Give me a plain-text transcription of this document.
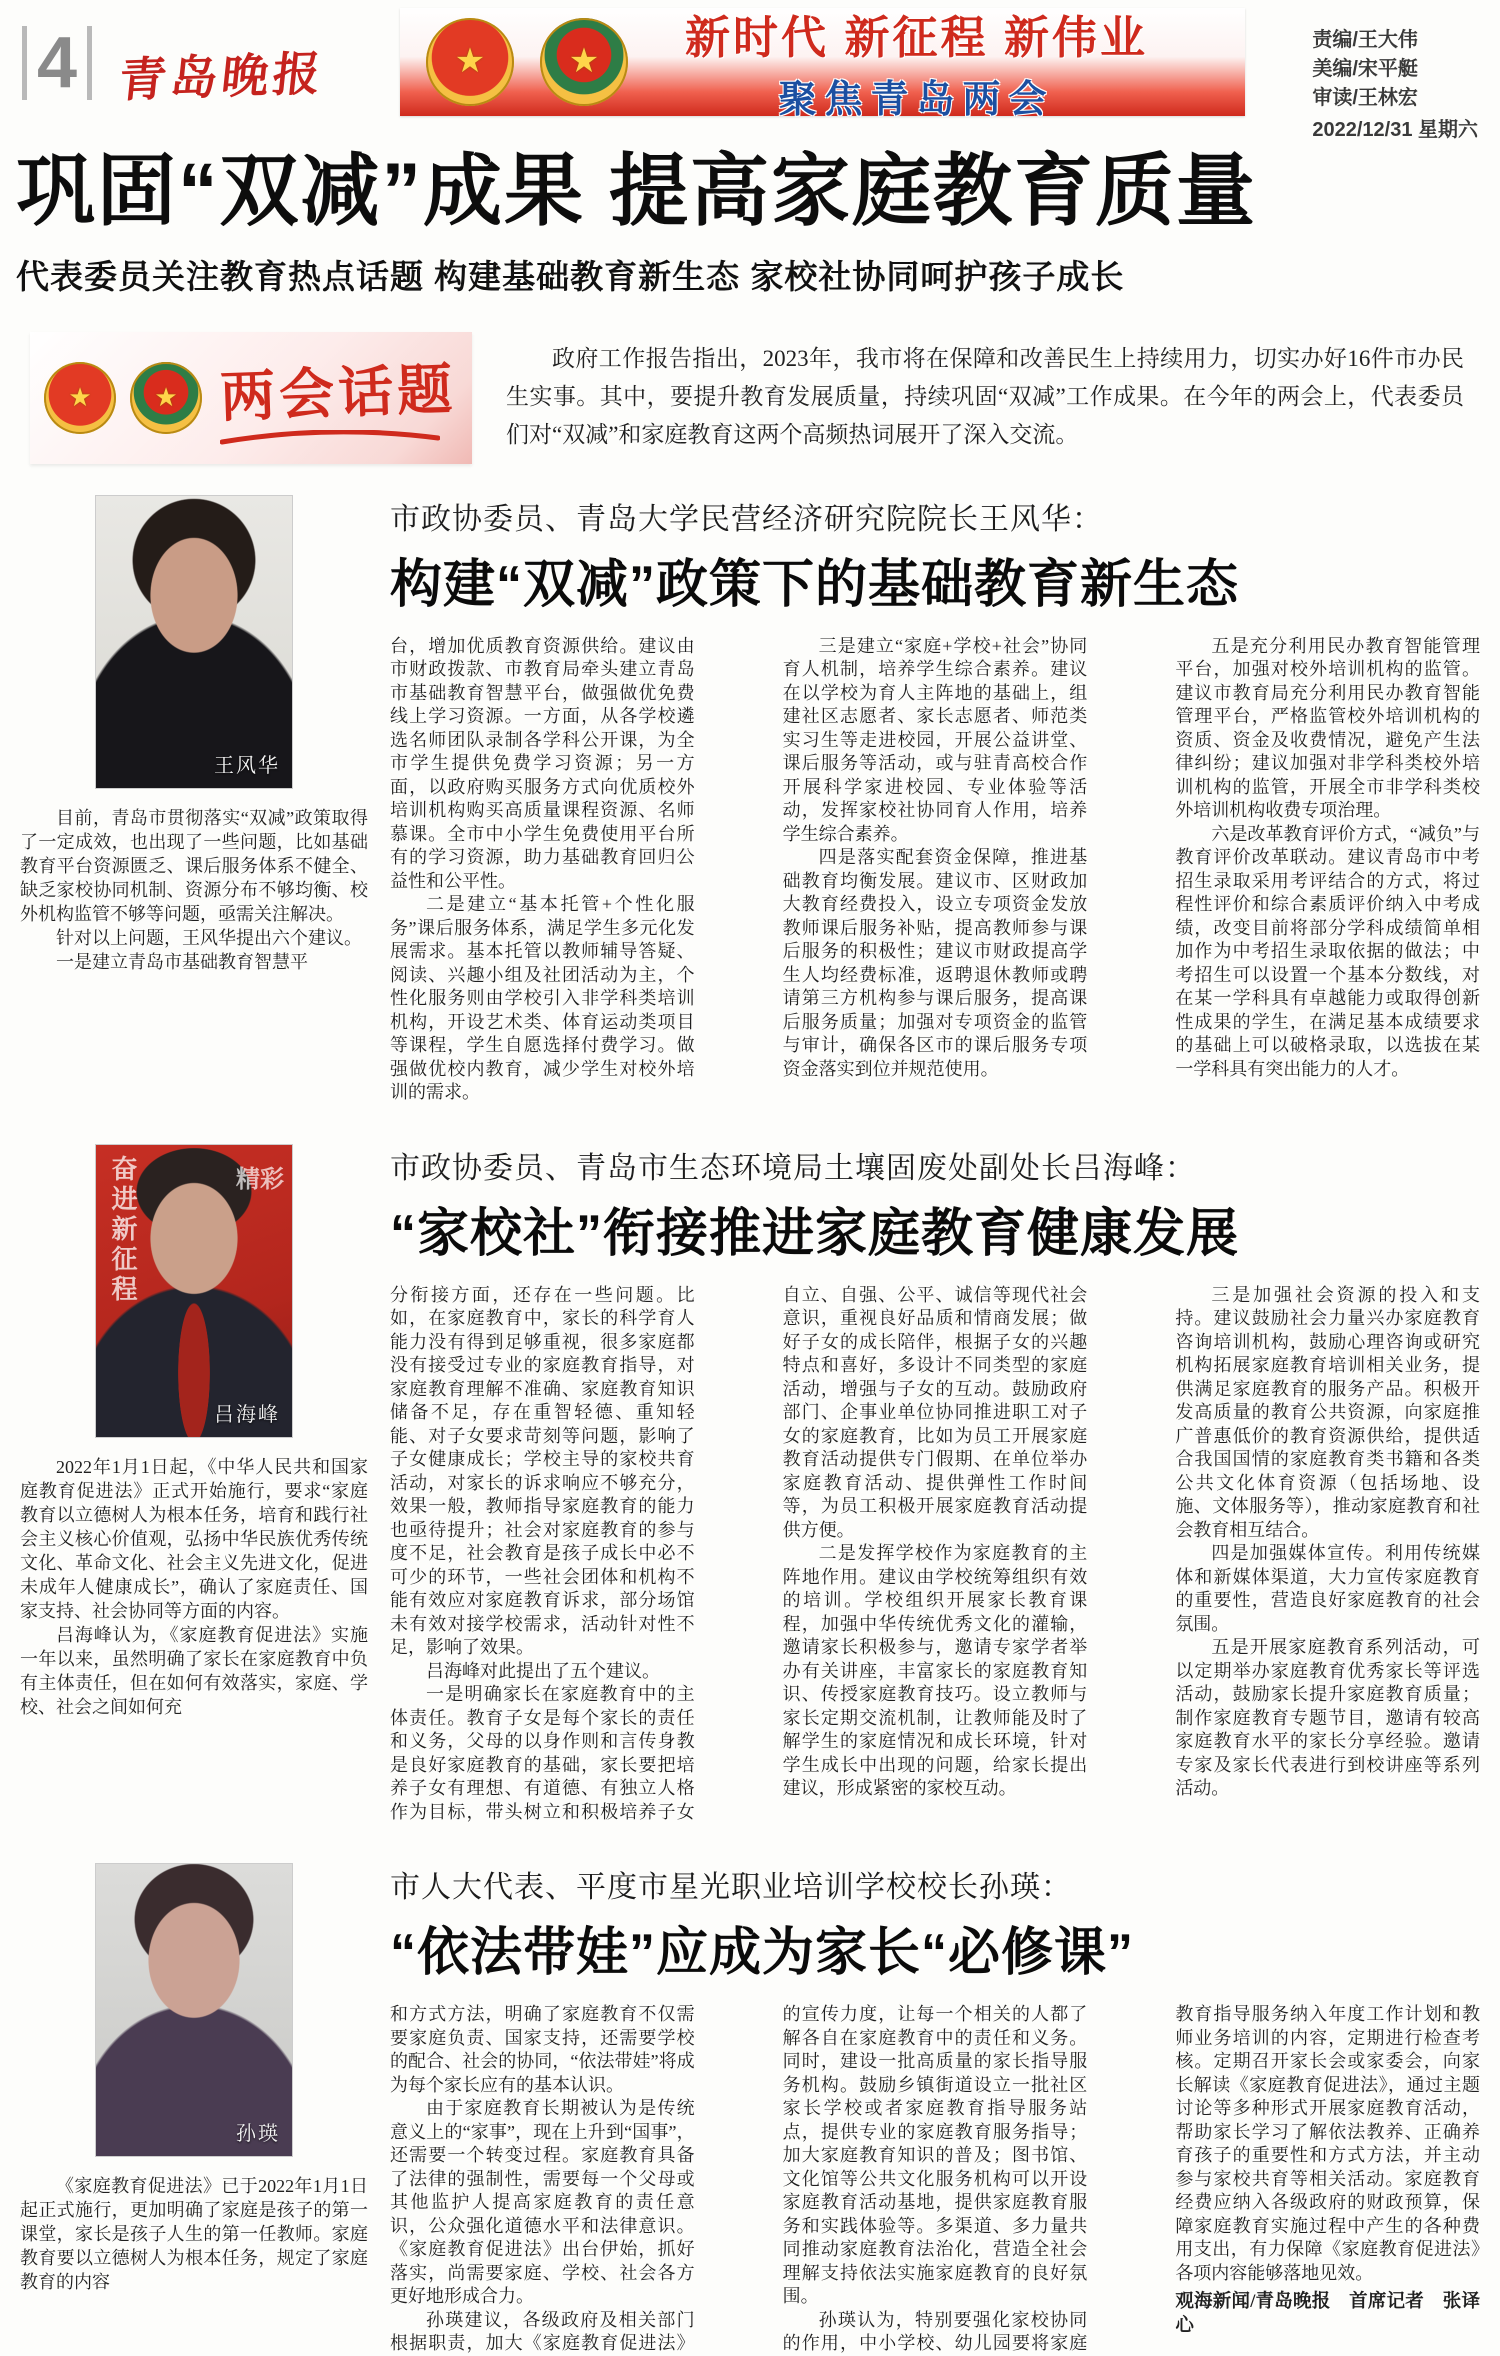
4 青岛晚报	★ ★	新时代 新征程 新伟业
聚焦青岛两会
责编/王大伟
美编/宋平艇
审读/王林宏
2022/12/31 星期六
巩固“双减”成果 提高家庭教育质量
代表委员关注教育热点话题 构建基础教育新生态 家校社协同呵护孩子成长
★ ★ 两会话题	政府工作报告指出，2023年，我市将在保障和改善民生上持续用力，切实办好16件市办民生实事。其中，要提升教育发展质量，持续巩固“双减”工作成果。在今年的两会上，代表委员们对“双减”和家庭教育这两个高频热词展开了深入交流。

王风华

目前，青岛市贯彻落实“双减”政策取得了一定成效，也出现了一些问题，比如基础教育平台资源匮乏、课后服务体系不健全、缺乏家校协同机制、资源分布不够均衡、校外机构监管不够等问题，亟需关注解决。

针对以上问题，王风华提出六个建议。

一是建立青岛市基础教育智慧平

市政协委员、青岛大学民营经济研究院院长王风华：
构建“双减”政策下的基础教育新生态

台，增加优质教育资源供给。建议由市财政拨款、市教育局牵头建立青岛市基础教育智慧平台，做强做优免费线上学习资源。一方面，从各学校遴选名师团队录制各学科公开课，为全市学生提供免费学习资源；另一方面，以政府购买服务方式向优质校外培训机构购买高质量课程资源、名师慕课。全市中小学生免费使用平台所有的学习资源，助力基础教育回归公益性和公平性。

二是建立“基本托管+个性化服务”课后服务体系，满足学生多元化发展需求。基本托管以教师辅导答疑、阅读、兴趣小组及社团活动为主，个性化服务则由学校引入非学科类培训机构，开设艺术类、体育运动类项目等课程，学生自愿选择付费学习。做强做优校内教育，减少学生对校外培训的需求。

三是建立“家庭+学校+社会”协同育人机制，培养学生综合素养。建议在以学校为育人主阵地的基础上，组建社区志愿者、家长志愿者、师范类实习生等走进校园，开展公益讲堂、课后服务等活动，或与驻青高校合作开展科学家进校园、专业体验等活动，发挥家校社协同育人作用，培养学生综合素养。

四是落实配套资金保障，推进基础教育均衡发展。建议市、区财政加大教育经费投入，设立专项资金发放教师课后服务补贴，提高教师参与课后服务的积极性；建议市财政提高学生人均经费标准，返聘退休教师或聘请第三方机构参与课后服务，提高课后服务质量；加强对专项资金的监管与审计，确保各区市的课后服务专项资金落实到位并规范使用。

五是充分利用民办教育智能管理平台，加强对校外培训机构的监管。建议市教育局充分利用民办教育智能管理平台，严格监管校外培训机构的资质、资金及收费情况，避免产生法律纠纷；建议加强对非学科类校外培训机构的监管，开展全市非学科类校外培训机构收费专项治理。

六是改革教育评价方式，“减负”与教育评价改革联动。建议青岛市中考招生录取采用考评结合的方式，将过程性评价和综合素质评价纳入中考成绩，改变目前将部分学科成绩简单相加作为中考招生录取依据的做法；中考招生可以设置一个基本分数线，对在某一学科具有卓越能力或取得创新性成果的学生，在满足基本成绩要求的基础上可以破格录取，以选拔在某一学科具有突出能力的人才。

奋进新征程	精彩
吕海峰

2022年1月1日起，《中华人民共和国家庭教育促进法》正式开始施行，要求“家庭教育以立德树人为根本任务，培育和践行社会主义核心价值观，弘扬中华民族优秀传统文化、革命文化、社会主义先进文化，促进未成年人健康成长”，确认了家庭责任、国家支持、社会协同等方面的内容。

吕海峰认为，《家庭教育促进法》实施一年以来，虽然明确了家长在家庭教育中负有主体责任，但在如何有效落实，家庭、学校、社会之间如何充

市政协委员、青岛市生态环境局土壤固废处副处长吕海峰：
“家校社”衔接推进家庭教育健康发展

分衔接方面，还存在一些问题。比如，在家庭教育中，家长的科学育人能力没有得到足够重视，很多家庭都没有接受过专业的家庭教育指导，对家庭教育理解不准确、家庭教育知识储备不足，存在重智轻德、重知轻能、对子女要求苛刻等问题，影响了子女健康成长；学校主导的家校共育活动，对家长的诉求响应不够充分，效果一般，教师指导家庭教育的能力也亟待提升；社会对家庭教育的参与度不足，社会教育是孩子成长中必不可少的环节，一些社会团体和机构不能有效应对家庭教育诉求，部分场馆未有效对接学校需求，活动针对性不足，影响了效果。

吕海峰对此提出了五个建议。

一是明确家长在家庭教育中的主体责任。教育子女是每个家长的责任和义务，父母的以身作则和言传身教是良好家庭教育的基础，家长要把培养子女有理想、有道德、有独立人格作为目标，带头树立和积极培养子女自立、自强、公平、诚信等现代社会意识，重视良好品质和情商发展；做好子女的成长陪伴，根据子女的兴趣特点和喜好，多设计不同类型的家庭活动，增强与子女的互动。鼓励政府部门、企事业单位协同推进职工对子女的家庭教育，比如为员工开展家庭教育活动提供专门假期、在单位举办家庭教育活动、提供弹性工作时间等，为员工积极开展家庭教育活动提供方便。

二是发挥学校作为家庭教育的主阵地作用。建议由学校统筹组织有效的培训。学校组织开展家长教育课程，加强中华传统优秀文化的灌输，邀请家长积极参与，邀请专家学者举办有关讲座，丰富家长的家庭教育知识、传授家庭教育技巧。设立教师与家长定期交流机制，让教师能及时了解学生的家庭情况和成长环境，针对学生成长中出现的问题，给家长提出建议，形成紧密的家校互动。

三是加强社会资源的投入和支持。建议鼓励社会力量兴办家庭教育咨询培训机构，鼓励心理咨询或研究机构拓展家庭教育培训相关业务，提供满足家庭教育的服务产品。积极开发高质量的教育公共资源，向家庭推广普惠低价的教育资源供给，提供适合我国国情的家庭教育类书籍和各类公共文化体育资源（包括场地、设施、文体服务等），推动家庭教育和社会教育相互结合。

四是加强媒体宣传。利用传统媒体和新媒体渠道，大力宣传家庭教育的重要性，营造良好家庭教育的社会氛围。

五是开展家庭教育系列活动，可以定期举办家庭教育优秀家长等评选活动，鼓励家长提升家庭教育质量；制作家庭教育专题节目，邀请有较高家庭教育水平的家长分享经验。邀请专家及家长代表进行到校讲座等系列活动。

孙瑛

《家庭教育促进法》已于2022年1月1日起正式施行，更加明确了家庭是孩子的第一课堂，家长是孩子人生的第一任教师。家庭教育要以立德树人为根本任务，规定了家庭教育的内容

市人大代表、平度市星光职业培训学校校长孙瑛：
“依法带娃”应成为家长“必修课”

和方式方法，明确了家庭教育不仅需要家庭负责、国家支持，还需要学校的配合、社会的协同，“依法带娃”将成为每个家长应有的基本认识。

由于家庭教育长期被认为是传统意义上的“家事”，现在上升到“国事”，还需要一个转变过程。家庭教育具备了法律的强制性，需要每一个父母或其他监护人提高家庭教育的责任意识，公众强化道德水平和法律意识。《家庭教育促进法》出台伊始，抓好落实，尚需要家庭、学校、社会各方更好地形成合力。

孙瑛建议，各级政府及相关部门根据职责，加大《家庭教育促进法》的宣传力度，让每一个相关的人都了解各自在家庭教育中的责任和义务。同时，建设一批高质量的家长指导服务机构。鼓励乡镇街道设立一批社区家长学校或者家庭教育指导服务站点，提供专业的家庭教育服务指导；加大家庭教育知识的普及；图书馆、文化馆等公共文化服务机构可以开设家庭教育活动基地，提供家庭教育服务和实践体验等。多渠道、多力量共同推动家庭教育法治化，营造全社会理解支持依法实施家庭教育的良好氛围。

孙瑛认为，特别要强化家校协同的作用，中小学校、幼儿园要将家庭教育指导服务纳入年度工作计划和教师业务培训的内容，定期进行检查考核。定期召开家长会或家委会，向家长解读《家庭教育促进法》，通过主题讨论等多种形式开展家庭教育活动，帮助家长学习了解依法教养、正确养育孩子的重要性和方式方法，并主动参与家校共育等相关活动。家庭教育经费应纳入各级政府的财政预算，保障家庭教育实施过程中产生的各种费用支出，有力保障《家庭教育促进法》各项内容能够落地见效。

观海新闻/青岛晚报　首席记者　张译心
